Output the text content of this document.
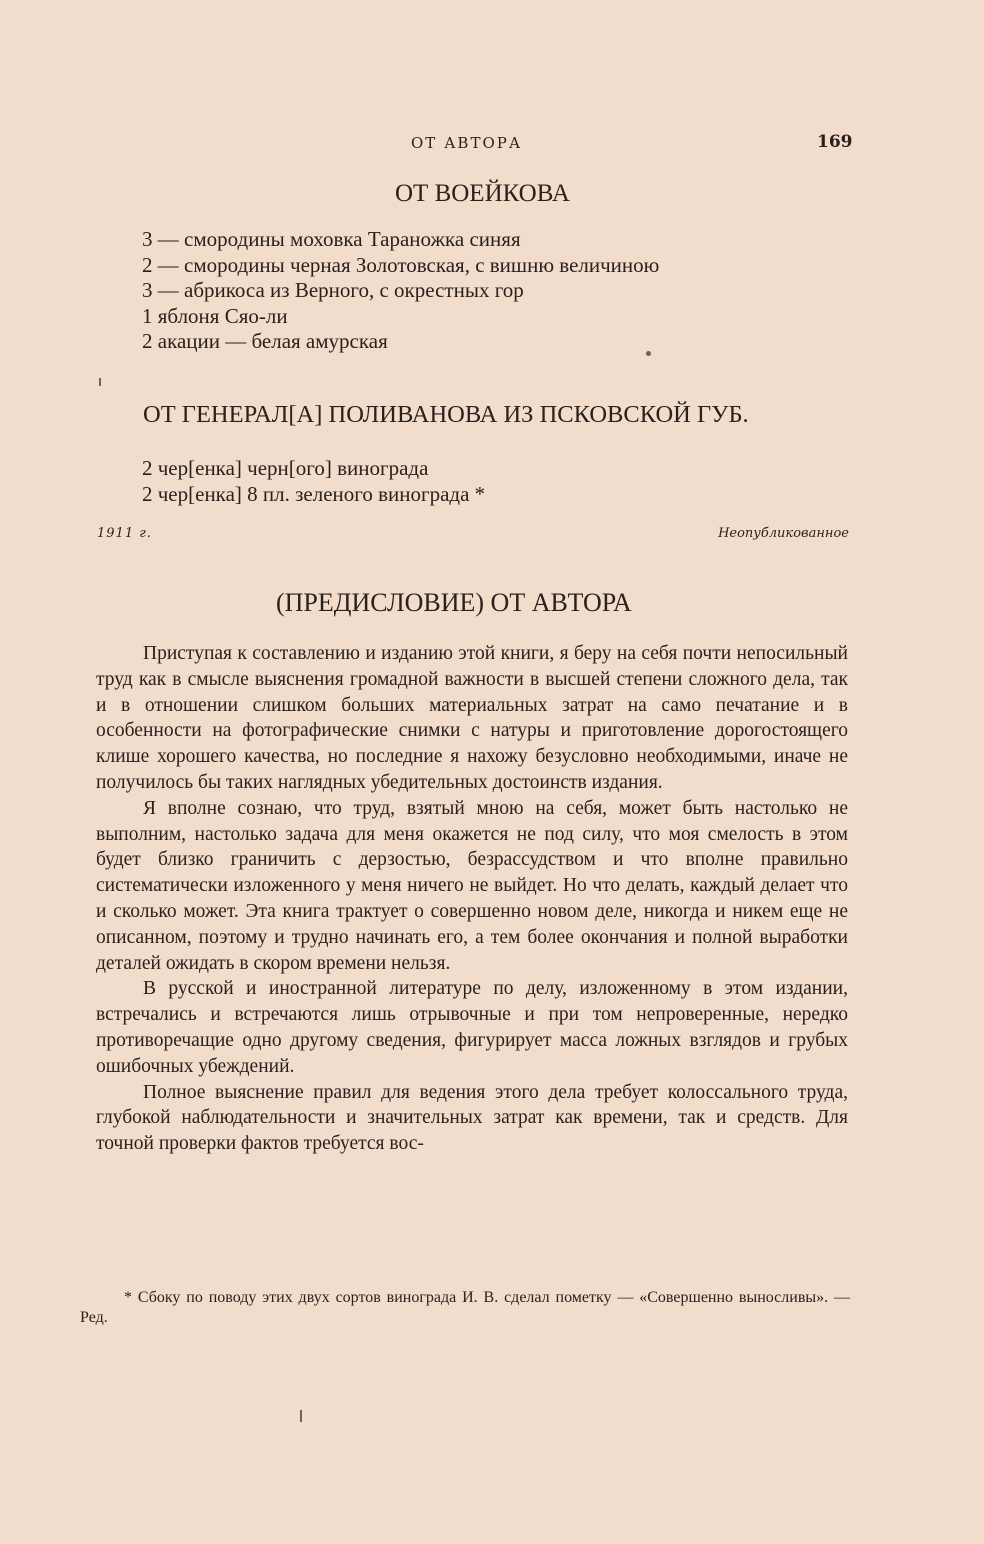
ОТ АВТОРА	169
ОТ ВОЕЙКОВА
3 — смородины моховка Тараножка синяя
2 — смородины черная Золотовская, с вишню величиною
3 — абрикоса из Верного, с окрестных гор
1 яблоня Сяо-ли
2 акации — белая амурская
ОТ ГЕНЕРАЛ[А] ПОЛИВАНОВА ИЗ ПСКОВСКОЙ ГУБ.
2 чер[енка] черн[ого] винограда
2 чер[енка] 8 пл. зеленого винограда *
1911 г.	Неопубликованное
(ПРЕДИСЛОВИЕ) ОТ АВТОРА

Приступая к составлению и изданию этой книги, я беру на себя почти непосильный труд как в смысле выяснения громадной важности в высшей степени сложного дела, так и в отношении слишком больших материальных затрат на само печатание и в особенности на фотографические снимки с натуры и приготовление дорогостоящего клише хорошего качества, но последние я нахожу безусловно необходимыми, иначе не получилось бы таких наглядных убедительных достоинств издания.

Я вполне сознаю, что труд, взятый мною на себя, может быть настолько не выполним, настолько задача для меня окажется не под силу, что моя смелость в этом будет близко граничить с дерзостью, безрассудством и что вполне правильно систематически изложенного у меня ничего не выйдет. Но что делать, каждый делает что и сколько может. Эта книга трактует о совершенно новом деле, никогда и никем еще не описанном, поэтому и трудно начинать его, а тем более окончания и полной выработки деталей ожидать в скором времени нельзя.

В русской и иностранной литературе по делу, изложенному в этом издании, встречались и встречаются лишь отрывочные и при том непроверенные, нередко противоречащие одно другому сведения, фигурирует масса ложных взглядов и грубых ошибочных убеждений.

Полное выяснение правил для ведения этого дела требует колоссального труда, глубокой наблюдательности и значительных затрат как времени, так и средств. Для точной проверки фактов требуется вос-

* Сбоку по поводу этих двух сортов винограда И. В. сделал пометку — «Совершенно выносливы». — Ред.
